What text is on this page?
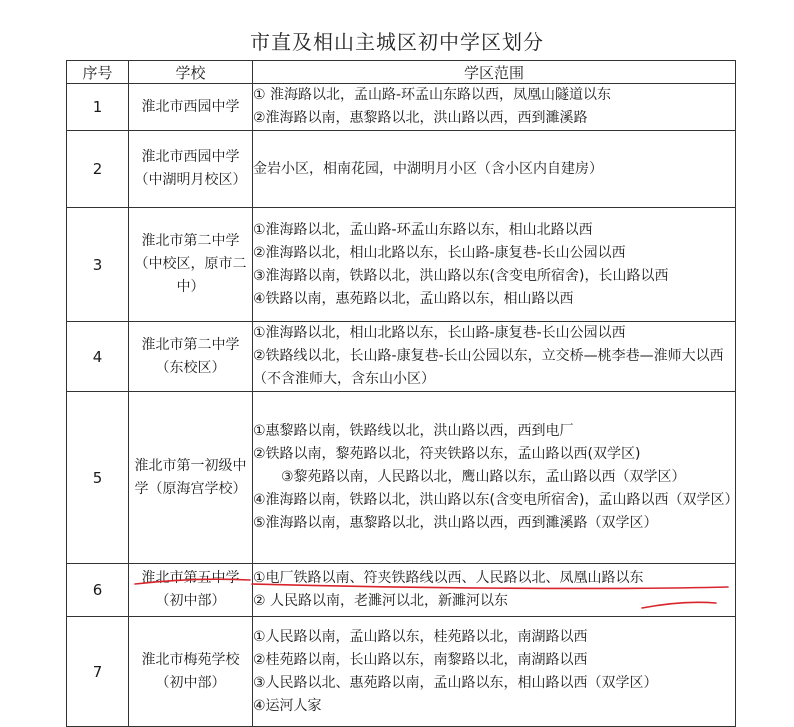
市直及相山主城区初中学区划分
序号	学校	学区范围
1	淮北市西园中学	① 淮海路以北，孟山路-环孟山东路以西，凤凰山隧道以东
②淮海路以南，惠黎路以北，洪山路以西，西到濉溪路

2	淮北市西园中学（中湖明月校区）	金岩小区，相南花园，中湖明月小区（含小区内自建房）

3	淮北市第二中学（中校区，原市二中）	①淮海路以北，孟山路-环孟山东路以东，相山北路以西
②淮海路以北，相山北路以东，长山路-康复巷-长山公园以西
③淮海路以南，铁路以北，洪山路以东(含变电所宿舍)，长山路以西
④铁路以南，惠苑路以北，孟山路以东，相山路以西

4	淮北市第二中学（东校区）	①淮海路以北，相山北路以东，长山路-康复巷-长山公园以西
②铁路线以北，长山路-康复巷-长山公园以东，立交桥—桃李巷—淮师大以西（不含淮师大，含东山小区）

5	淮北市第一初级中学（原海宫学校）	①惠黎路以南，铁路线以北，洪山路以西，西到电厂
②铁路以南，黎苑路以北，符夹铁路以东，孟山路以西(双学区)
③黎苑路以南，人民路以北，鹰山路以东，孟山路以西（双学区）
④淮海路以南，铁路以北，洪山路以东(含变电所宿舍)，孟山路以西（双学区）
⑤淮海路以南，惠黎路以北，洪山路以西，西到濉溪路（双学区）

6	淮北市第五中学（初中部）	①电厂铁路以南、符夹铁路线以西、人民路以北、凤凰山路以东
② 人民路以南，老濉河以北，新濉河以东

7	淮北市梅苑学校（初中部）	①人民路以南，孟山路以东，桂苑路以北，南湖路以西
②桂苑路以南，长山路以东，南黎路以北，南湖路以西
③人民路以北、惠苑路以南，孟山路以东，相山路以西（双学区）
④运河人家
